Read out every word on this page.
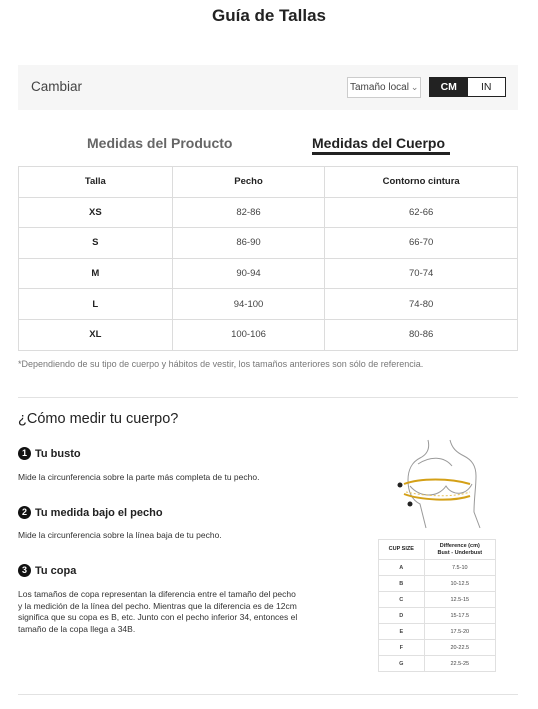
Guía de Tallas
Cambiar	Tamaño local ⌄	CM	IN
Medidas del Producto	Medidas del Cuerpo
Talla	Pecho	Contorno cintura
XS	82-86	62-66
S	86-90	66-70
M	90-94	70-74
L	94-100	74-80
XL	100-106	80-86
*Dependiendo de su tipo de cuerpo y hábitos de vestir, los tamaños anteriores son sólo de referencia.
¿Cómo medir tu cuerpo?
1 Tu busto
Mide la circunferencia sobre la parte más completa de tu pecho.
2 Tu medida bajo el pecho
Mide la circunferencia sobre la línea baja de tu pecho.
3 Tu copa
Los tamaños de copa representan la diferencia entre el tamaño del pecho
y la medición de la línea del pecho. Mientras que la diferencia es de 12cm
significa que su copa es B, etc. Junto con el pecho inferior 34, entonces el
tamaño de la copa llega a 34B.
CUP SIZE	Difference (cm)
Bust - Underbust

A	7.5-10
B	10-12.5
C	12.5-15
D	15-17.5
E	17.5-20
F	20-22.5
G	22.5-25
